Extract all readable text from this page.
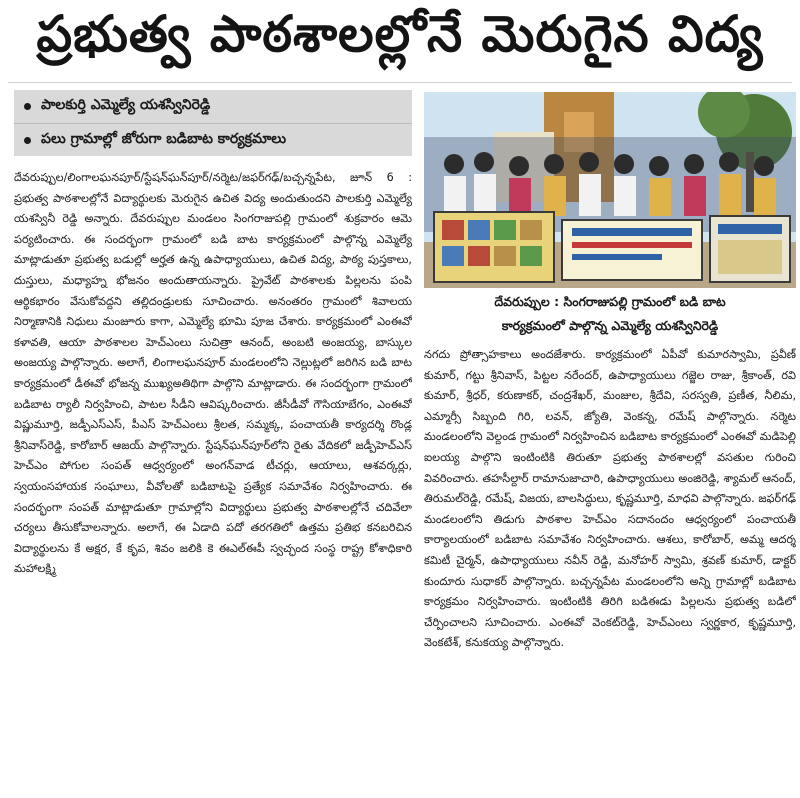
ప్రభుత్వ పాఠశాలల్లోనే మెరుగైన విద్య
పాలకుర్తి ఎమ్మెల్యే యశస్వినిరెడ్డి
పలు గ్రామాల్లో జోరుగా బడిబాట కార్యక్రమాలు
దేవరుప్పుల/లింగాలఘనపూర్/స్టేషన్‌ఘన్‌పూర్/నర్మెట/జఫర్‌గఢ్/బచ్చన్నపేట, జూన్ 6 : ప్రభుత్వ పాఠశాలల్లోనే విద్యార్థులకు మెరుగైన ఉచిత విద్య అందుతుందని పాలకుర్తి ఎమ్మెల్యే యశస్వినీ రెడ్డి అన్నారు. దేవరుప్పుల మండలం సింగరాజుపల్లి గ్రామంలో శుక్రవారం ఆమె పర్యటించారు. ఈ సందర్భంగా గ్రామంలో బడి బాట కార్యక్రమంలో పాల్గొన్న ఎమ్మెల్యే మాట్లాడుతూ ప్రభుత్వ బడుల్లో అర్హత ఉన్న ఉపాధ్యాయులు, ఉచిత విద్య, పాఠ్య పుస్తకాలు, దుస్తులు, మధ్యాహ్న భోజనం అందుతాయన్నారు. ప్రైవేట్ పాఠశాలకు పిల్లలను పంపి ఆర్థికభారం వేసుకోవద్దని తల్లిదండ్రులకు సూచించారు. అనంతరం గ్రామంలో శివాలయ నిర్మాణానికి నిధులు మంజూరు కాగా, ఎమ్మెల్యే భూమి పూజ చేశారు. కార్యక్రమంలో ఎంఈవో కళావతి, ఆయా పాఠశాలల హెచ్‌ఎంలు సుచిత్రా ఆనంద్, అంబటి అంజయ్య, బాస్కుల అంజయ్య పాల్గొన్నారు. అలాగే, లింగాలఘనపూర్ మండలంలోని నెల్లుట్లలో జరిగిన బడి బాట కార్యక్రమంలో డీఈవో భోజన్న ముఖ్యఅతిథిగా పాల్గొని మాట్లాడారు. ఈ సందర్భంగా గ్రామంలో బడిబాట ర్యాలీ నిర్వహించి, పాటల సీడీని ఆవిష్కరించారు. జీసీడీవో గౌసియాబేగం, ఎంఈవో విష్ణుమూర్తి, జడ్పీఎస్‌ఎస్, పీఎస్ హెచ్‌ఎంలు శ్రీలత, సమ్మక్క, పంచాయతీ కార్యదర్శి రొండ్ల శ్రీనివాస్‌రెడ్డి, కారోబార్ ఆజయ్ పాల్గొన్నారు. స్టేషన్‌ఘన్‌పూర్‌లోని రైతు వేదికలో జడ్పీహెచ్‌ఎస్ హెచ్‌ఎం పోగుల సంపత్ ఆధ్వర్యంలో అంగన్‌వాడ టీచర్లు, ఆయాలు, ఆశవర్కర్లు, స్వయంసహాయక సంఘాలు, వీవోలతో బడిబాటపై ప్రత్యేక సమావేశం నిర్వహించారు. ఈ సందర్భంగా సంపత్ మాట్లాడుతూ గ్రామాల్లోని విద్యార్థులు ప్రభుత్వ పాఠశాలల్లోనే చదివేలా చర్యలు తీసుకోవాలన్నారు. అలాగే, ఈ ఏడాది పదో తరగతిలో ఉత్తమ ప్రతిభ కనబరిచిన విద్యార్థులను కే అక్షర, కే కృప, శివం జలికి కె ఈఎల్‌ఈపీ స్వచ్ఛంద సంస్థ రాష్ట్ర కోశాధికారి మహాలక్ష్మి
దేవరుప్పుల : సింగరాజుపల్లి గ్రామంలో బడి బాట
కార్యక్రమంలో పాల్గొన్న ఎమ్మెల్యే యశస్వినిరెడ్డి
నగదు ప్రోత్సాహకాలు అందజేశారు. కార్యక్రమంలో ఏపీవో కుమారస్వామి, ప్రవీణ్ కుమార్, గట్టు శ్రీనివాస్, పిట్టల నరేందర్, ఉపాధ్యాయులు గజ్జెల రాజు, శ్రీకాంత్, రవి కుమార్, శ్రీధర్, కరుణాకర్, చంద్రశేఖర్, మంజుల, శ్రీదేవి, సరస్వతి, ప్రణీత, నీలిమ, ఎమ్మార్సీ సిబ్బంది గిరి, లవన్, జ్యోతి, వెంకన్న, రమేష్ పాల్గొన్నారు. నర్మెట మండలంలోని వెల్దండ గ్రామంలో నిర్వహించిన బడిబాట కార్యక్రమంలో ఎంఈవో మడిపెల్లి ఐలయ్య పాల్గొని ఇంటింటికి తిరుతూ ప్రభుత్వ పాఠశాలల్లో వసతుల గురించి వివరించారు. తహసీల్దార్ రామానుజాచారి, ఉపాధ్యాయులు అంజిరెడ్డి, శ్యామల్ ఆనంద్, తిరుమల్‌రెడ్డి, రమేష్, విజయ, బాలసిద్ధులు, కృష్ణమూర్తి, మాధవి పాల్గొన్నారు. జఫర్‌గఢ్ మండలంలోని తిడుగు పాఠశాల హెచ్‌ఎం సదానందం ఆధ్వర్యంలో పంచాయతీ కార్యాలయంలో బడిబాట సమావేశం నిర్వహించారు. ఆశలు, కారోబార్, అమ్మ ఆదర్శ కమిటీ చైర్మన్, ఉపాధ్యాయులు నవీన్ రెడ్డి, మనోహర్ స్వామి, శ్రవణ్ కుమార్, డాక్టర్ కుందూరు సుధాకర్ పాల్గొన్నారు. బచ్చన్నపేట మండలంలోని అన్ని గ్రామాల్లో బడిబాట కార్యక్రమం నిర్వహించారు. ఇంటింటికి తిరిగి బడిఈడు పిల్లలను ప్రభుత్వ బడిలో చేర్పించాలని సూచించారు. ఎంఈవో వెంకట్‌రెడ్డి, హెచ్‌ఎంలు స్వర్ణకార, కృష్ణమూర్తి, వెంకటేశ్, కనుకయ్య పాల్గొన్నారు.
